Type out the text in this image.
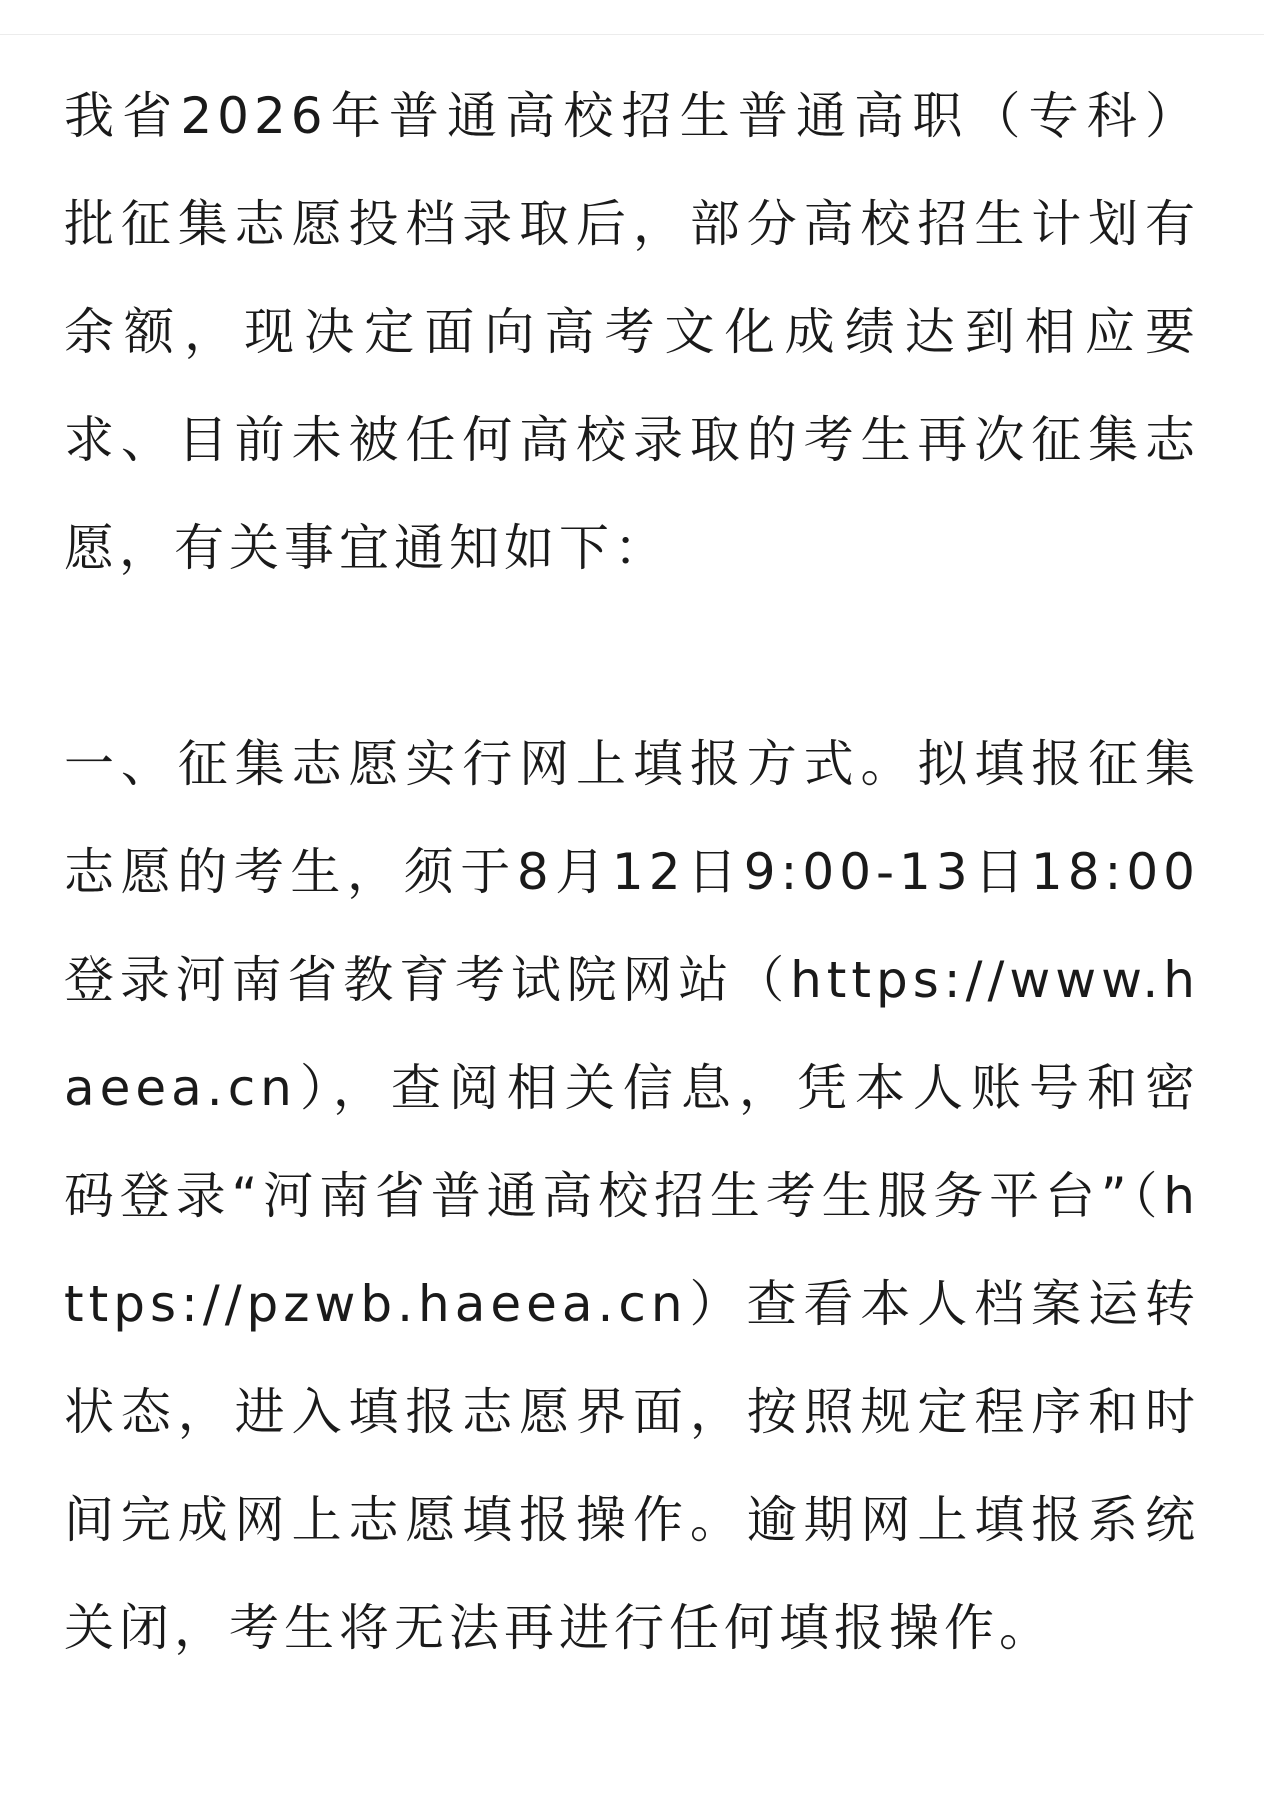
我省2026年普通高校招生普通高职（专科）批征集志愿投档录取后，部分高校招生计划有余额，现决定面向高考文化成绩达到相应要求、目前未被任何高校录取的考生再次征集志愿，有关事宜通知如下：

一、征集志愿实行网上填报方式。拟填报征集志愿的考生，须于8月12日9:00-13日18:00登录河南省教育考试院网站（https://www.haeea.cn），查阅相关信息，凭本人账号和密码登录“河南省普通高校招生考生服务平台”（https://pzwb.haeea.cn）查看本人档案运转状态，进入填报志愿界面，按照规定程序和时间完成网上志愿填报操作。逾期网上填报系统关闭，考生将无法再进行任何填报操作。
